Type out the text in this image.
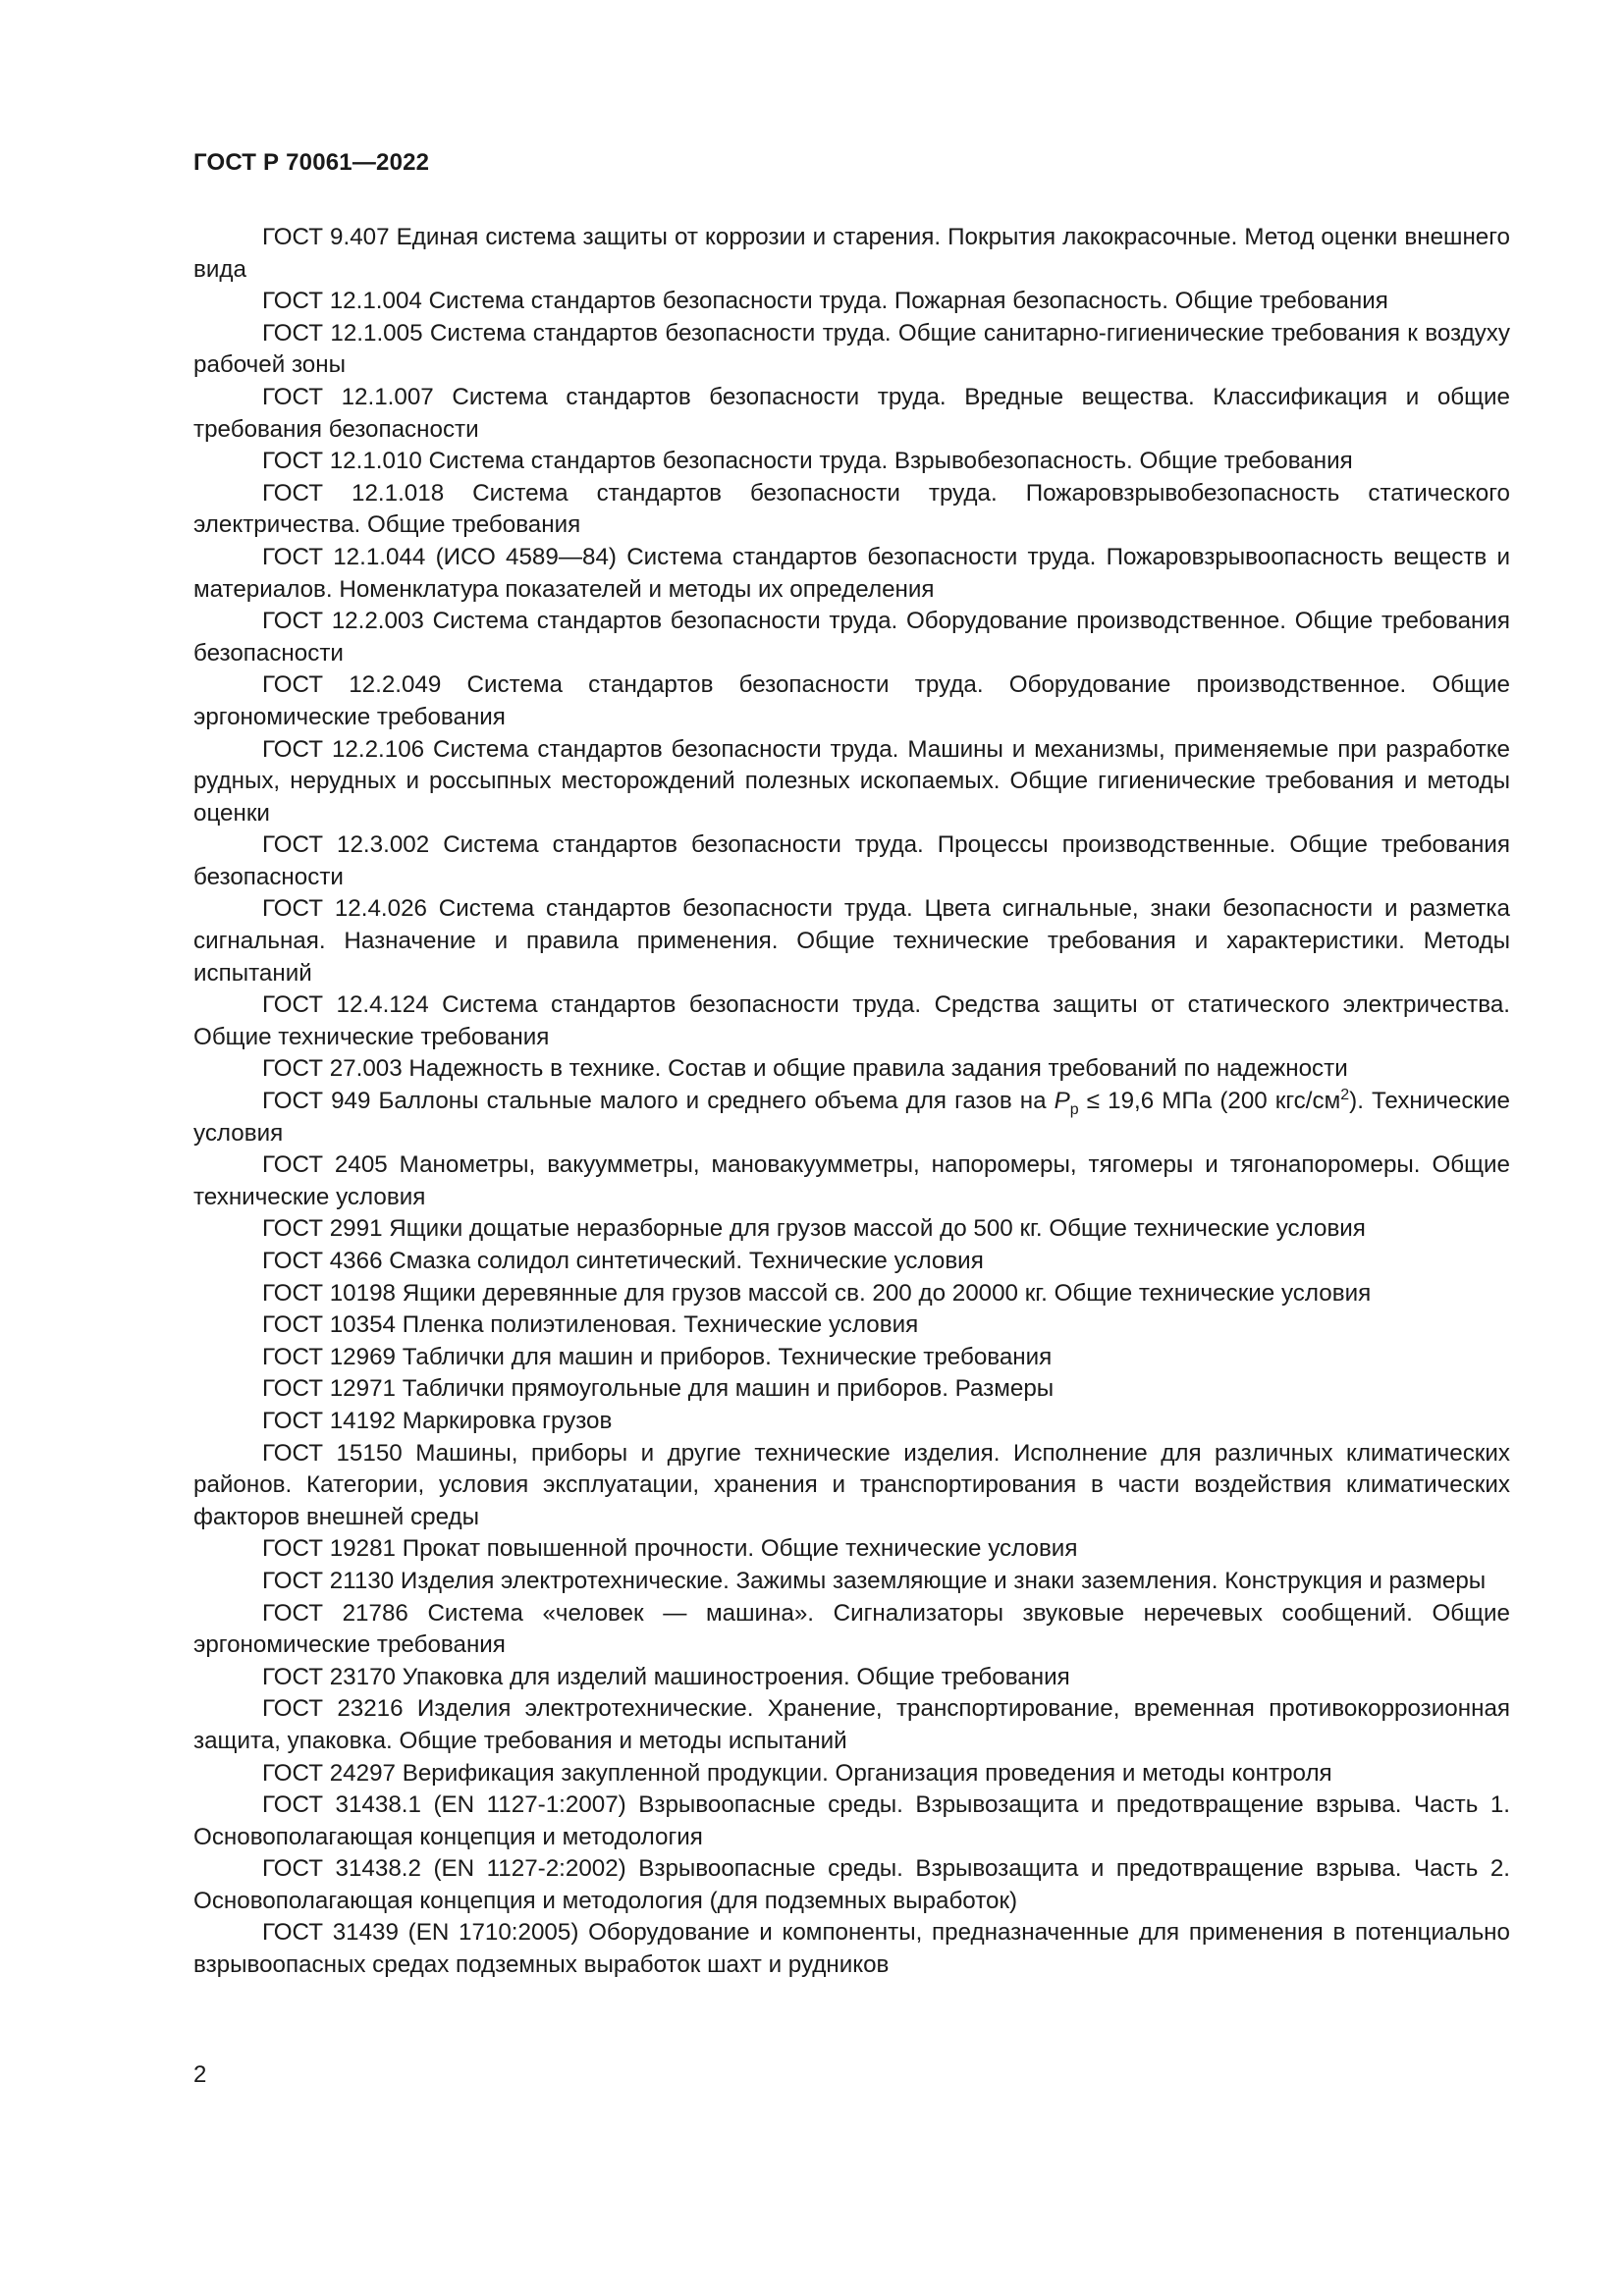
ГОСТ Р 70061—2022

ГОСТ 9.407 Единая система защиты от коррозии и старения. Покрытия лакокрасочные. Метод оценки внешнего вида

ГОСТ 12.1.004 Система стандартов безопасности труда. Пожарная безопасность. Общие требования

ГОСТ 12.1.005 Система стандартов безопасности труда. Общие санитарно-гигиенические требования к воздуху рабочей зоны

ГОСТ 12.1.007 Система стандартов безопасности труда. Вредные вещества. Классификация и общие требования безопасности

ГОСТ 12.1.010 Система стандартов безопасности труда. Взрывобезопасность. Общие требования

ГОСТ 12.1.018 Система стандартов безопасности труда. Пожаровзрывобезопасность статического электричества. Общие требования

ГОСТ 12.1.044 (ИСО 4589—84) Система стандартов безопасности труда. Пожаровзрывоопасность веществ и материалов. Номенклатура показателей и методы их определения

ГОСТ 12.2.003 Система стандартов безопасности труда. Оборудование производственное. Общие требования безопасности

ГОСТ 12.2.049 Система стандартов безопасности труда. Оборудование производственное. Общие эргономические требования

ГОСТ 12.2.106 Система стандартов безопасности труда. Машины и механизмы, применяемые при разработке рудных, нерудных и россыпных месторождений полезных ископаемых. Общие гигиенические требования и методы оценки

ГОСТ 12.3.002 Система стандартов безопасности труда. Процессы производственные. Общие требования безопасности

ГОСТ 12.4.026 Система стандартов безопасности труда. Цвета сигнальные, знаки безопасности и разметка сигнальная. Назначение и правила применения. Общие технические требования и характеристики. Методы испытаний

ГОСТ 12.4.124 Система стандартов безопасности труда. Средства защиты от статического электричества. Общие технические требования

ГОСТ 27.003 Надежность в технике. Состав и общие правила задания требований по надежности

ГОСТ 949 Баллоны стальные малого и среднего объема для газов на $P_р \le 19,6$ МПа (200 кгс/$см^2$). Технические условия

ГОСТ 2405 Манометры, вакуумметры, мановакуумметры, напоромеры, тягомеры и тягонапоромеры. Общие технические условия

ГОСТ 2991 Ящики дощатые неразборные для грузов массой до 500 кг. Общие технические условия

ГОСТ 4366 Смазка солидол синтетический. Технические условия

ГОСТ 10198 Ящики деревянные для грузов массой св. 200 до 20000 кг. Общие технические условия

ГОСТ 10354 Пленка полиэтиленовая. Технические условия

ГОСТ 12969 Таблички для машин и приборов. Технические требования

ГОСТ 12971 Таблички прямоугольные для машин и приборов. Размеры

ГОСТ 14192 Маркировка грузов

ГОСТ 15150 Машины, приборы и другие технические изделия. Исполнение для различных климатических районов. Категории, условия эксплуатации, хранения и транспортирования в части воздействия климатических факторов внешней среды

ГОСТ 19281 Прокат повышенной прочности. Общие технические условия

ГОСТ 21130 Изделия электротехнические. Зажимы заземляющие и знаки заземления. Конструкция и размеры

ГОСТ 21786 Система «человек — машина». Сигнализаторы звуковые неречевых сообщений. Общие эргономические требования

ГОСТ 23170 Упаковка для изделий машиностроения. Общие требования

ГОСТ 23216 Изделия электротехнические. Хранение, транспортирование, временная противокоррозионная защита, упаковка. Общие требования и методы испытаний

ГОСТ 24297 Верификация закупленной продукции. Организация проведения и методы контроля

ГОСТ 31438.1 (EN 1127-1:2007) Взрывоопасные среды. Взрывозащита и предотвращение взрыва. Часть 1. Основополагающая концепция и методология

ГОСТ 31438.2 (EN 1127-2:2002) Взрывоопасные среды. Взрывозащита и предотвращение взрыва. Часть 2. Основополагающая концепция и методология (для подземных выработок)

ГОСТ 31439 (EN 1710:2005) Оборудование и компоненты, предназначенные для применения в потенциально взрывоопасных средах подземных выработок шахт и рудников

2
